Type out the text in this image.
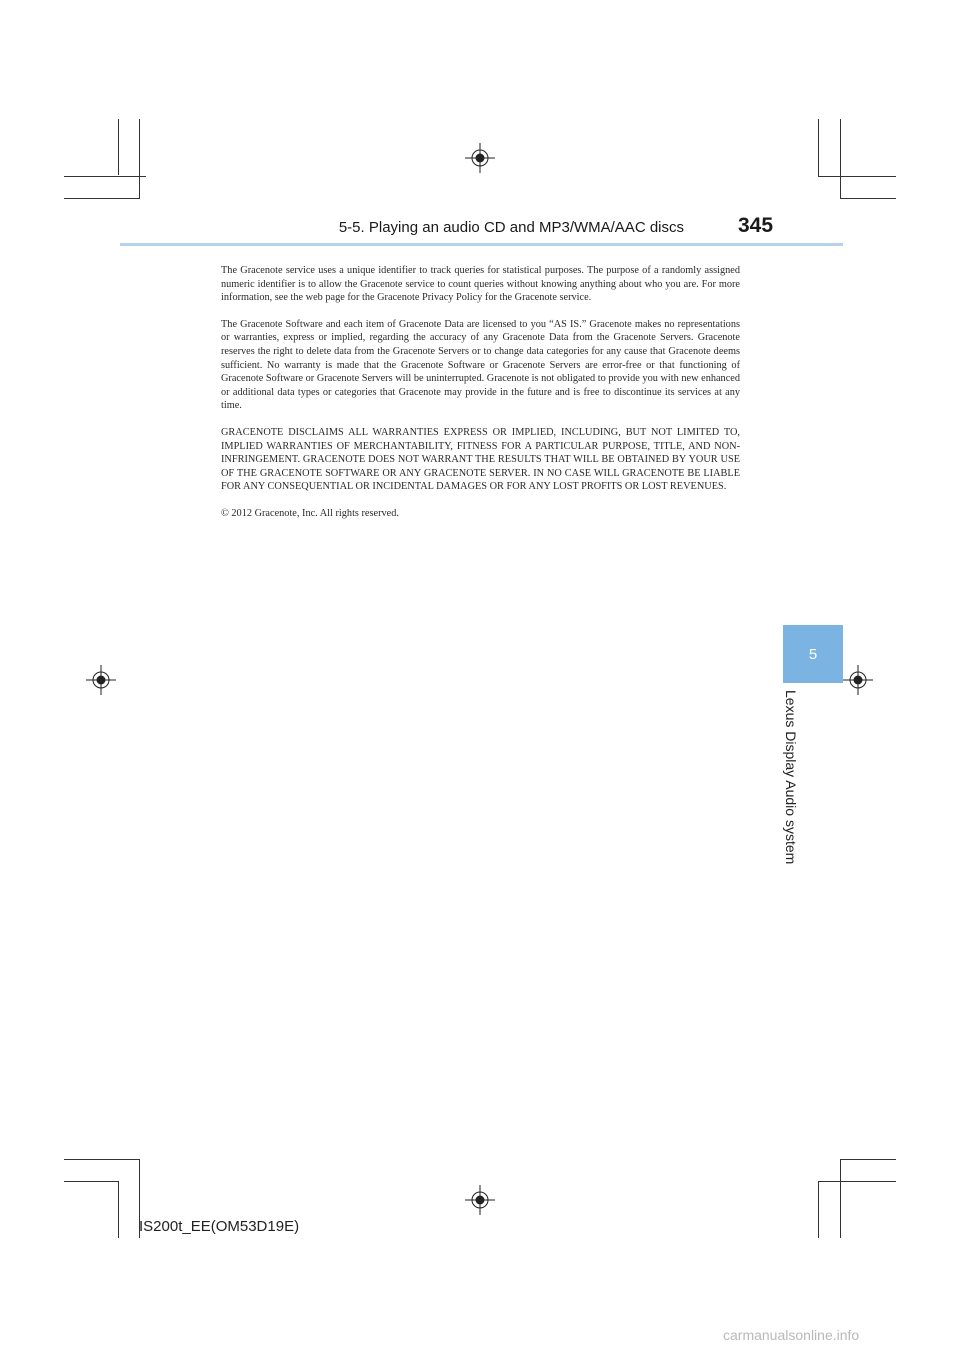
5-5. Playing an audio CD and MP3/WMA/AAC discs	345

The Gracenote service uses a unique identifier to track queries for statistical purposes. The purpose of a randomly assigned numeric identifier is to allow the Gracenote service to count queries without knowing anything about who you are. For more information, see the web page for the Gracenote Privacy Policy for the Gracenote service.

The Gracenote Software and each item of Gracenote Data are licensed to you “AS IS.” Gracenote makes no representations or warranties, express or implied, regarding the accuracy of any Gracenote Data from the Gracenote Servers. Gracenote reserves the right to delete data from the Gracenote Servers or to change data categories for any cause that Gracenote deems sufficient. No warranty is made that the Gracenote Software or Gracenote Servers are error-free or that functioning of Gracenote Software or Gracenote Servers will be uninterrupted. Gracenote is not obligated to provide you with new enhanced or additional data types or categories that Gracenote may provide in the future and is free to discontinue its services at any time.

GRACENOTE DISCLAIMS ALL WARRANTIES EXPRESS OR IMPLIED, INCLUDING, BUT NOT LIMITED TO, IMPLIED WARRANTIES OF MERCHANTABILITY, FITNESS FOR A PARTICULAR PURPOSE, TITLE, AND NON-INFRINGEMENT. GRACENOTE DOES NOT WARRANT THE RESULTS THAT WILL BE OBTAINED BY YOUR USE OF THE GRACENOTE SOFTWARE OR ANY GRACENOTE SERVER. IN NO CASE WILL GRACENOTE BE LIABLE FOR ANY CONSEQUENTIAL OR INCIDENTAL DAMAGES OR FOR ANY LOST PROFITS OR LOST REVENUES.

© 2012 Gracenote, Inc. All rights reserved.

5
Lexus Display Audio system
IS200t_EE(OM53D19E)
carmanualsonline.info
